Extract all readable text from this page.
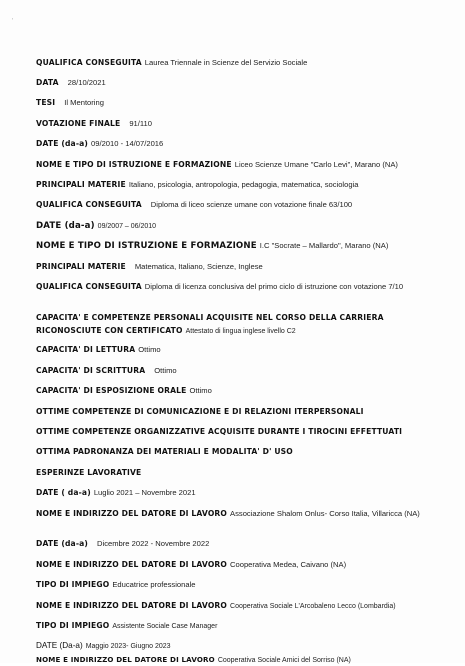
'
QUALIFICA CONSEGUITA Laurea Triennale in Scienze del Servizio Sociale
DATA 28/10/2021
TESI Il Mentoring
VOTAZIONE FINALE 91/110
DATE (da-a) 09/2010 - 14/07/2016
NOME E TIPO DI ISTRUZIONE E FORMAZIONE Liceo Scienze Umane "Carlo Levi", Marano (NA)
PRINCIPALI MATERIE Italiano, psicologia, antropologia, pedagogia, matematica, sociologia
QUALIFICA CONSEGUITA Diploma di liceo scienze umane con votazione finale 63/100
DATE (da-a) 09/2007 – 06/2010
NOME E TIPO DI ISTRUZIONE E FORMAZIONE I.C "Socrate – Mallardo", Marano (NA)
PRINCIPALI MATERIE Matematica, Italiano, Scienze, Inglese
QUALIFICA CONSEGUITA Diploma di licenza conclusiva del primo ciclo di istruzione con votazione 7/10
CAPACITA' E COMPETENZE PERSONALI ACQUISITE NEL CORSO DELLA CARRIERA RICONOSCIUTE CON CERTIFICATO Attestato di lingua inglese livello C2
CAPACITA' DI LETTURA Ottimo
CAPACITA' DI SCRITTURA Ottimo
CAPACITA' DI ESPOSIZIONE ORALE Ottimo
OTTIME COMPETENZE DI COMUNICAZIONE E DI RELAZIONI ITERPERSONALI
OTTIME COMPETENZE ORGANIZZATIVE ACQUISITE DURANTE I TIROCINI EFFETTUATI
OTTIMA PADRONANZA DEI MATERIALI E MODALITA' D' USO
ESPERINZE LAVORATIVE
DATE ( da-a) Luglio 2021 – Novembre 2021
NOME E INDIRIZZO DEL DATORE DI LAVORO Associazione Shalom Onlus- Corso Italia, Villaricca (NA)
DATE (da-a) Dicembre 2022 - Novembre 2022
NOME E INDIRIZZO DEL DATORE DI LAVORO Cooperativa Medea, Caivano (NA)
TIPO DI IMPIEGO Educatrice professionale
NOME E INDIRIZZO DEL DATORE DI LAVORO Cooperativa Sociale L'Arcobaleno Lecco (Lombardia)
TIPO DI IMPIEGO Assistente Sociale Case Manager
DATE (Da-a) Maggio 2023- Giugno 2023
NOME E INDIRIZZO DEL DATORE DI LAVORO Cooperativa Sociale Amici del Sorriso (NA)
